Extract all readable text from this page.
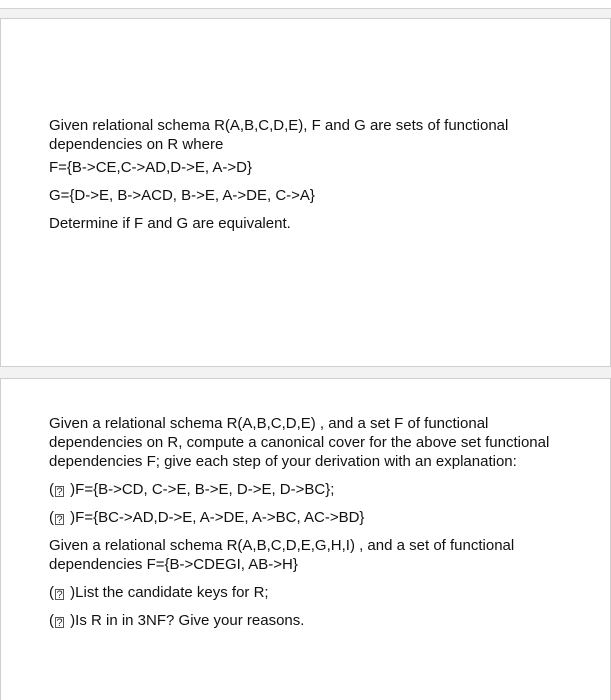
Given relational schema R(A,B,C,D,E), F and G are sets of functional dependencies on R where

F={B->CE,C->AD,D->E, A->D}

G={D->E, B->ACD, B->E, A->DE, C->A}

Determine if F and G are equivalent.

Given a relational schema R(A,B,C,D,E) , and a set F of functional dependencies on R, compute a canonical cover for the above set functional dependencies F; give each step of your derivation with an explanation:

( ? )F={B->CD, C->E, B->E, D->E, D->BC};

( ? )F={BC->AD,D->E, A->DE, A->BC, AC->BD}

Given a relational schema R(A,B,C,D,E,G,H,I) , and a set of functional dependencies F={B->CDEGI, AB->H}

( ? )List the candidate keys for R;

( ? )Is R in in 3NF? Give your reasons.
